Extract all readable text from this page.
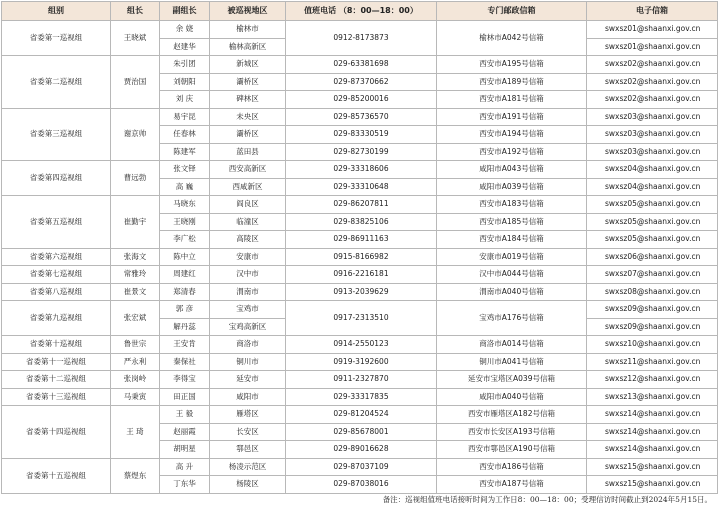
组别	组长	副组长	被巡视地区	值班电话 （8：00—18：00）	专门邮政信箱	电子信箱
省委第一巡视组	王晓斌	余 娆	榆林市	0912-8173873	榆林市A042号信箱	swxsz01@shaanxi.gov.cn
		赵建华	榆林高新区			swxsz01@shaanxi.gov.cn
省委第二巡视组	贾治国	朱引团	新城区	029-63381698	西安市A195号信箱	swxsz02@shaanxi.gov.cn
		刘朝阳	灞桥区	029-87370662	西安市A189号信箱	swxsz02@shaanxi.gov.cn
		刘 庆	碑林区	029-85200016	西安市A181号信箱	swxsz02@shaanxi.gov.cn
省委第三巡视组	谢京帅	易宇昆	未央区	029-85736570	西安市A191号信箱	swxsz03@shaanxi.gov.cn
		任春林	灞桥区	029-83330519	西安市A194号信箱	swxsz03@shaanxi.gov.cn
		陈建军	蓝田县	029-82730199	西安市A192号信箱	swxsz03@shaanxi.gov.cn
省委第四巡视组	曹远勃	张文铎	西安高新区	029-33318606	咸阳市A043号信箱	swxsz04@shaanxi.gov.cn
		高 巍	西咸新区	029-33310648	咸阳市A039号信箱	swxsz04@shaanxi.gov.cn
省委第五巡视组	崔勤宇	马晓东	阎良区	029-86207811	西安市A183号信箱	swxsz05@shaanxi.gov.cn
		王晓刚	临潼区	029-83825106	西安市A185号信箱	swxsz05@shaanxi.gov.cn
		李广松	高陵区	029-86911163	西安市A184号信箱	swxsz05@shaanxi.gov.cn
省委第六巡视组	张海文	陈中立	安康市	0915-8166982	安康市A019号信箱	swxsz06@shaanxi.gov.cn
省委第七巡视组	常雅玲	周建红	汉中市	0916-2216181	汉中市A044号信箱	swxsz07@shaanxi.gov.cn
省委第八巡视组	崔景文	郑清春	渭南市	0913-2039629	渭南市A040号信箱	swxsz08@shaanxi.gov.cn
省委第九巡视组	张宏斌	郭 彦	宝鸡市	0917-2313510	宝鸡市A176号信箱	swxsz09@shaanxi.gov.cn
		解丹蕊	宝鸡高新区			swxsz09@shaanxi.gov.cn
省委第十巡视组	鲁世宗	王安肯	商洛市	0914-2550123	商洛市A014号信箱	swxsz10@shaanxi.gov.cn
省委第十一巡视组	严永利	秦保社	铜川市	0919-3192600	铜川市A041号信箱	swxsz11@shaanxi.gov.cn
省委第十二巡视组	张岗岭	李得宝	延安市	0911-2327870	延安市宝塔区A039号信箱	swxsz12@shaanxi.gov.cn
省委第十三巡视组	马秉寅	田正国	咸阳市	029-33317835	咸阳市A040号信箱	swxsz13@shaanxi.gov.cn
省委第十四巡视组	王 琦	王 毅	雁塔区	029-81204524	西安市雁塔区A182号信箱	swxsz14@shaanxi.gov.cn
		赵丽霞	长安区	029-85678001	西安市长安区A193号信箱	swxsz14@shaanxi.gov.cn
		胡明星	鄠邑区	029-89016628	西安市鄠邑区A190号信箱	swxsz14@shaanxi.gov.cn
省委第十五巡视组	蔡煜东	高 升	杨凌示范区	029-87037109	西安市A186号信箱	swxsz15@shaanxi.gov.cn
		丁东华	杨陵区	029-87038016	西安市A187号信箱	swxsz15@shaanxi.gov.cn
备注：巡视组值班电话接听时间为工作日8：00—18：00；受理信访时间截止到2024年5月15日。
